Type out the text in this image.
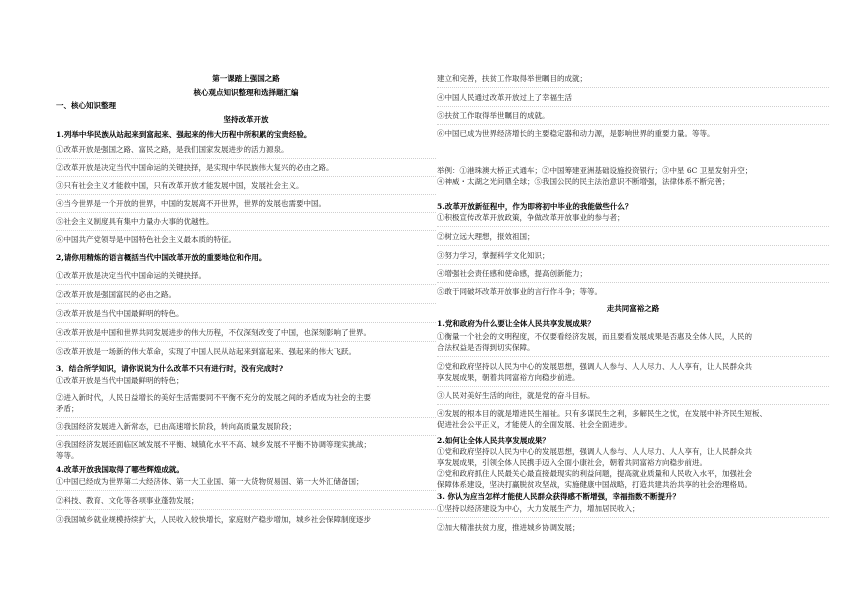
第一课踏上强国之路
核心观点知识整理和选择题汇编
一、核心知识整理
坚持改革开放
1.列举中华民族从站起来到富起来、强起来的伟大历程中所积累的宝贵经验。
①改革开放是强国之路、富民之路，是我们国家发展进步的活力源泉。
②改革开放是决定当代中国命运的关键抉择，是实现中华民族伟大复兴的必由之路。
③只有社会主义才能救中国，只有改革开放才能发展中国，发展社会主义。
④当今世界是一个开放的世界，中国的发展离不开世界，世界的发展也需要中国。
⑤社会主义制度具有集中力量办大事的优越性。
⑥中国共产党领导是中国特色社会主义最本质的特征。
2,请你用精炼的语言概括当代中国改革开放的重要地位和作用。
①改革开放是决定当代中国命运的关键抉择。
②改革开放是强国富民的必由之路。
③改革开放是当代中国最鲜明的特色。
④改革开放是中国和世界共同发展进步的伟大历程，不仅深刻改变了中国，也深刻影响了世界。
⑤改革开放是一场新的伟大革命，实现了中国人民从站起来到富起来、强起来的伟大飞跃。
3．结合所学知识，请你说说为什么改革不只有进行时，没有完成时?
①改革开放是当代中国最鲜明的特色；
②进入新时代，人民日益增长的美好生活需要同不平衡不充分的发展之间的矛盾成为社会的主要
矛盾；
③我国经济发展进入新常态，已由高速增长阶段，转向高质量发展阶段；
④我国经济发展还面临区域发展不平衡、城镇化水平不高、城乡发展不平衡不协调等现实挑战；
等等。
4.改革开放我国取得了哪些辉煌成就。
①中国已经成为世界第二大经济体、第一大工业国、第一大货物贸易国、第一大外汇储备国；
②科技、教育、文化等各项事业蓬勃发展；
③我国城乡就业规模持续扩大，人民收入较快增长，家庭财产稳步增加，城乡社会保障制度逐步
建立和完善，扶贫工作取得举世瞩目的成就；
④中国人民通过改革开放过上了幸福生活
⑤扶贫工作取得举世瞩目的成就。
⑥中国已成为世界经济增长的主要稳定器和动力源，是影响世界的重要力量。等等。
举例：①港珠澳大桥正式通车；②中国筹建亚洲基础设施投资银行；③中星 6C 卫星发射升空；
④神威・太湖之光问鼎全球；⑤我国公民的民主法治意识不断增强，法律体系不断完善；
5.改革开放新征程中，作为即将初中毕业的我能做些什么？
①积极宣传改革开放政策，争做改革开放事业的参与者；
②树立远大理想，报效祖国；
③努力学习，掌握科学文化知识；
④增强社会责任感和使命感，提高创新能力；
⑤敢于同破坏改革开放事业的言行作斗争；等等。
走共同富裕之路
1.党和政府为什么要让全体人民共享发展成果？
①衡量一个社会的文明程度，不仅要看经济发展，而且要看发展成果是否惠及全体人民，人民的
合法权益是否得到切实保障。
②党和政府坚持以人民为中心的发展思想，强调人人参与、人人尽力、人人享有，让人民群众共
享发展成果，朝着共同富裕方向稳步前进。
③人民对美好生活的向往，就是党的奋斗目标。
④发展的根本目的就是增进民生福祉。只有多谋民生之利，多解民生之忧，在发展中补齐民生短板、
促进社会公平正义，才能使人的全面发展、社会全面进步。
2.如何让全体人民共享发展成果？
①党和政府坚持以人民为中心的发展思想，强调人人参与、人人尽力、人人享有，让人民群众共
享发展成果，引领全体人民携手迈入全面小康社会，朝着共同富裕方向稳步前进。
②党和政府抓住人民最关心最直接最现实的利益问题，提高就业质量和人民收入水平，加强社会
保障体系建设，坚决打赢脱贫攻坚战，实施健康中国战略，打造共建共治共享的社会治理格局。
3. 你认为应当怎样才能使人民群众获得感不断增强，幸福指数不断提升？
①坚持以经济建设为中心，大力发展生产力，增加居民收入；
②加大精准扶贫力度，推进城乡协调发展；
